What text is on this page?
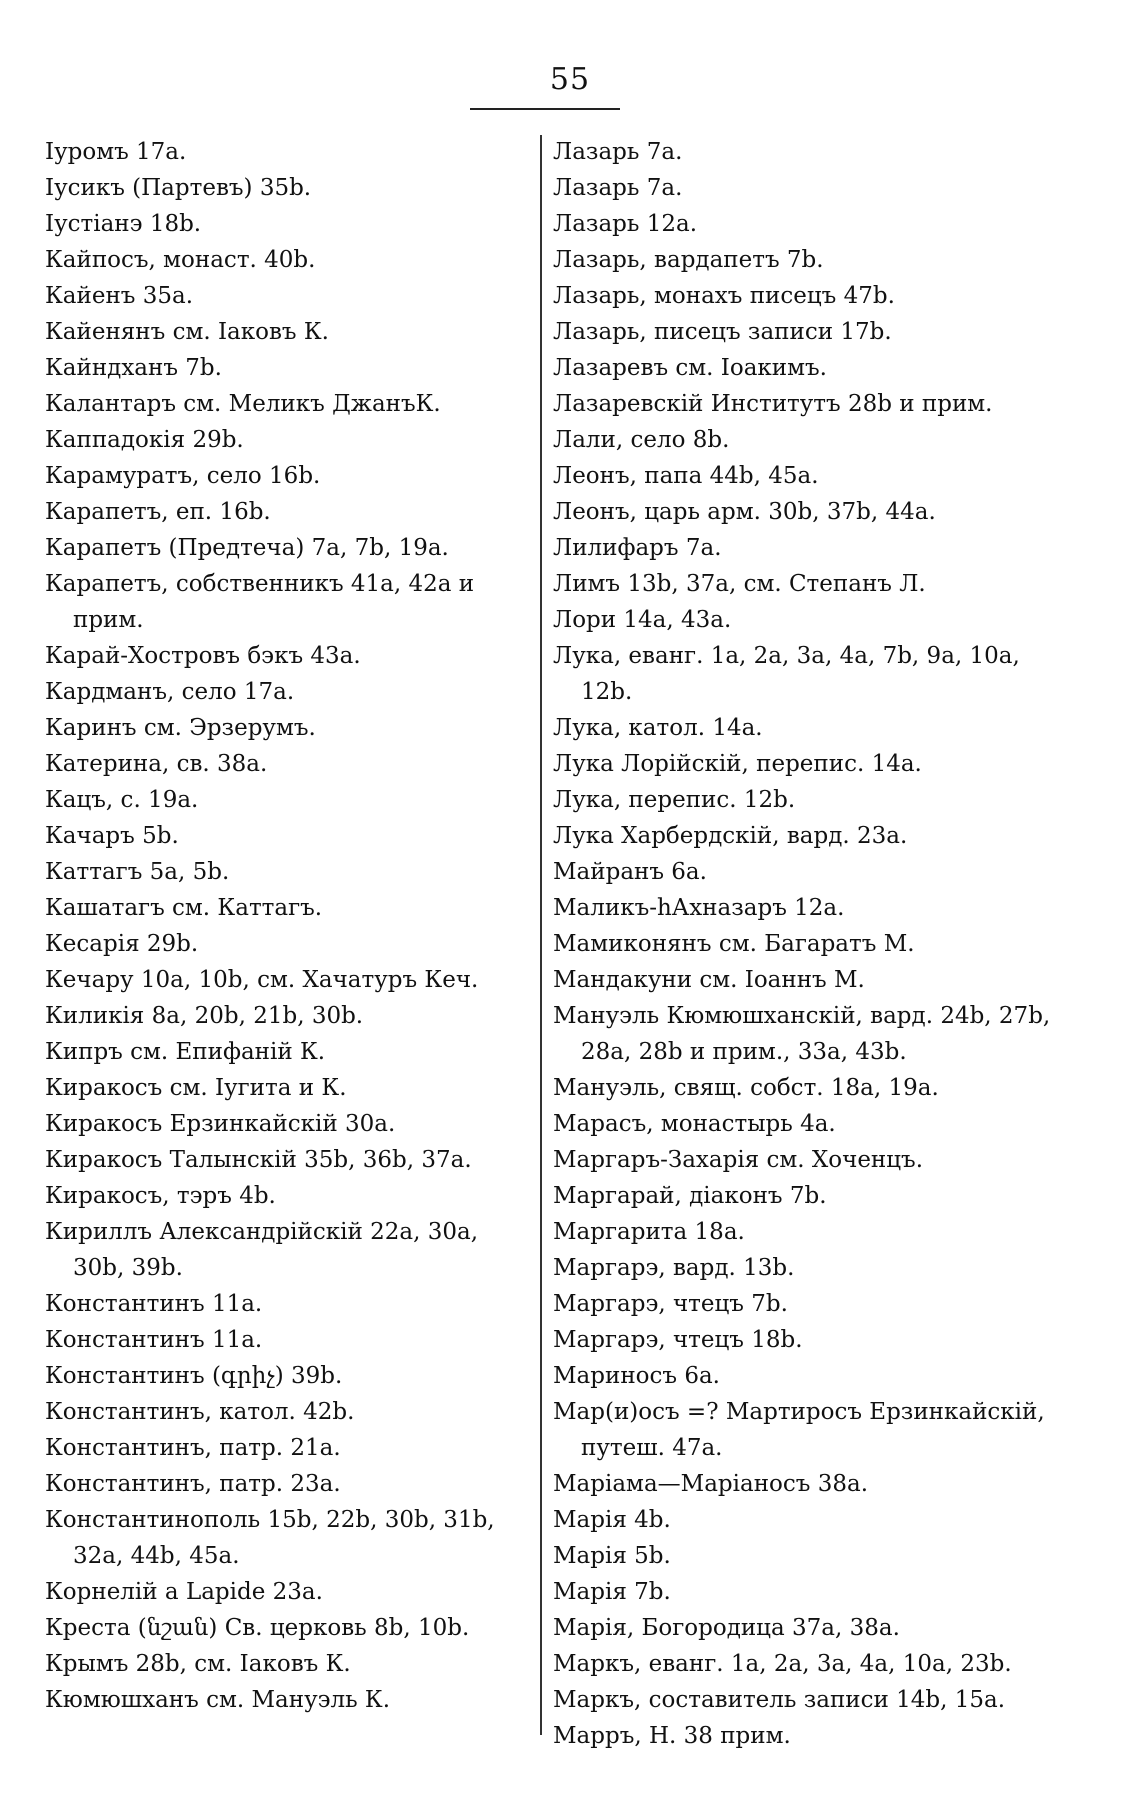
55
Іуромъ 17a.
Іусикъ (Партевъ) 35b.
Іустіанэ 18b.
Кайпосъ, монаст. 40b.
Кайенъ 35a.
Кайенянъ см. Іаковъ К.
Кайндханъ 7b.
Калантаръ см. Меликъ ДжанъК.
Каппадокія 29b.
Карамуратъ, село 16b.
Карапетъ, еп. 16b.
Карапетъ (Предтеча) 7a, 7b, 19a.
Карапетъ, собственникъ 41a, 42a и прим.
Карай-Хостровъ бэкъ 43a.
Кардманъ, село 17a.
Каринъ см. Эрзерумъ.
Катерина, св. 38a.
Кацъ, с. 19a.
Качаръ 5b.
Каттагъ 5a, 5b.
Кашатагъ см. Каттагъ.
Кесарія 29b.
Кечару 10a, 10b, см. Хачатуръ Кеч.
Киликія 8a, 20b, 21b, 30b.
Кипръ см. Епифаній К.
Киракосъ см. Іугита и К.
Киракосъ Ерзинкайскій 30a.
Киракосъ Талынскій 35b, 36b, 37a.
Киракосъ, тэръ 4b.
Кириллъ Александрійскій 22a, 30a, 30b, 39b.
Константинъ 11a.
Константинъ 11a.
Константинъ (գրիչ) 39b.
Константинъ, катол. 42b.
Константинъ, патр. 21a.
Константинъ, патр. 23a.
Константинополь 15b, 22b, 30b, 31b, 32a, 44b, 45a.
Корнелій a Lapide 23a.
Креста (նշան) Св. церковь 8b, 10b.
Крымъ 28b, см. Іаковъ К.
Кюмюшханъ см. Мануэль К.
Лазарь 7a.
Лазарь 7a.
Лазарь 12a.
Лазарь, вардапетъ 7b.
Лазарь, монахъ писецъ 47b.
Лазарь, писецъ записи 17b.
Лазаревъ см. Іоакимъ.
Лазаревскій Институтъ 28b и прим.
Лали, село 8b.
Леонъ, папа 44b, 45a.
Леонъ, царь арм. 30b, 37b, 44a.
Лилифаръ 7a.
Лимъ 13b, 37a, см. Степанъ Л.
Лори 14a, 43a.
Лука, еванг. 1a, 2a, 3a, 4a, 7b, 9a, 10a, 12b.
Лука, катол. 14a.
Лука Лорійскій, перепис. 14a.
Лука, перепис. 12b.
Лука Харбердскій, вард. 23a.
Майранъ 6a.
Маликъ-hАхназаръ 12a.
Мамиконянъ см. Багаратъ М.
Мандакуни см. Іоаннъ М.
Мануэль Кюмюшханскій, вард. 24b, 27b, 28a, 28b и прим., 33a, 43b.
Мануэль, свящ. собст. 18a, 19a.
Марасъ, монастырь 4a.
Маргаръ-Захарія см. Хоченцъ.
Маргарай, діаконъ 7b.
Маргарита 18a.
Маргарэ, вард. 13b.
Маргарэ, чтецъ 7b.
Маргарэ, чтецъ 18b.
Мариносъ 6a.
Мар(и)осъ =? Мартиросъ Ерзинкайскій, путеш. 47a.
Маріама—Маріаносъ 38a.
Марія 4b.
Марія 5b.
Марія 7b.
Марія, Богородица 37a, 38a.
Маркъ, еванг. 1a, 2a, 3a, 4a, 10a, 23b.
Маркъ, составитель записи 14b, 15a.
Марръ, Н. 38 прим.
